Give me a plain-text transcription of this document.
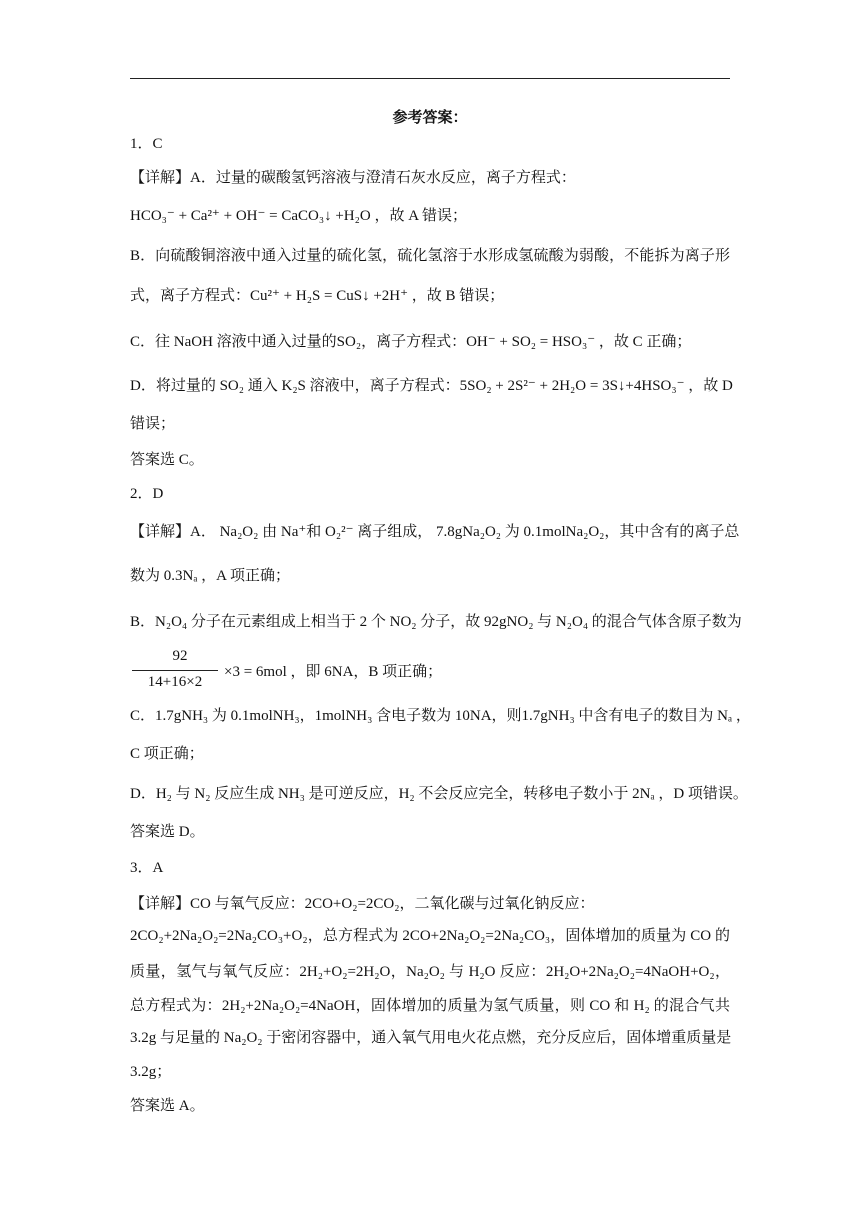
参考答案：
1．C
【详解】A．过量的碳酸氢钙溶液与澄清石灰水反应，离子方程式：
HCO₃⁻ + Ca²⁺ + OH⁻ = CaCO₃↓ +H₂O ，故 A 错误；
B．向硫酸铜溶液中通入过量的硫化氢，硫化氢溶于水形成氢硫酸为弱酸，不能拆为离子形
式，离子方程式：Cu²⁺ + H₂S = CuS↓ +2H⁺ ，故 B 错误；
C．往 NaOH 溶液中通入过量的SO₂，离子方程式：OH⁻ + SO₂ = HSO₃⁻ ，故 C 正确；
D．将过量的 SO₂ 通入 K₂S 溶液中，离子方程式：5SO₂ + 2S²⁻ + 2H₂O = 3S↓+4HSO₃⁻ ，故 D
错误；
答案选 C。
2．D
【详解】A． Na₂O₂ 由 Na⁺和 O₂²⁻ 离子组成， 7.8gNa₂O₂ 为 0.1molNa₂O₂，其中含有的离子总
数为 0.3Nₐ ，A 项正确；
B．N₂O₄ 分子在元素组成上相当于 2 个 NO₂ 分子，故 92gNO₂ 与 N₂O₄ 的混合气体含原子数为
92
14+16×2
×3 = 6mol ，即 6NA，B 项正确；
C．1.7gNH₃ 为 0.1molNH₃，1molNH₃ 含电子数为 10NA，则1.7gNH₃ 中含有电子的数目为 Nₐ ，
C 项正确；
D．H₂ 与 N₂ 反应生成 NH₃ 是可逆反应，H₂ 不会反应完全，转移电子数小于 2Nₐ ，D 项错误。
答案选 D。
3．A
【详解】CO 与氧气反应：2CO+O₂=2CO₂，二氧化碳与过氧化钠反应：
2CO₂+2Na₂O₂=2Na₂CO₃+O₂，总方程式为 2CO+2Na₂O₂=2Na₂CO₃，固体增加的质量为 CO 的
质量，氢气与氧气反应：2H₂+O₂=2H₂O，Na₂O₂ 与 H₂O 反应：2H₂O+2Na₂O₂=4NaOH+O₂，
总方程式为：2H₂+2Na₂O₂=4NaOH，固体增加的质量为氢气质量，则 CO 和 H₂ 的混合气共
3.2g 与足量的 Na₂O₂ 于密闭容器中，通入氧气用电火花点燃，充分反应后，固体增重质量是
3.2g；
答案选 A。
